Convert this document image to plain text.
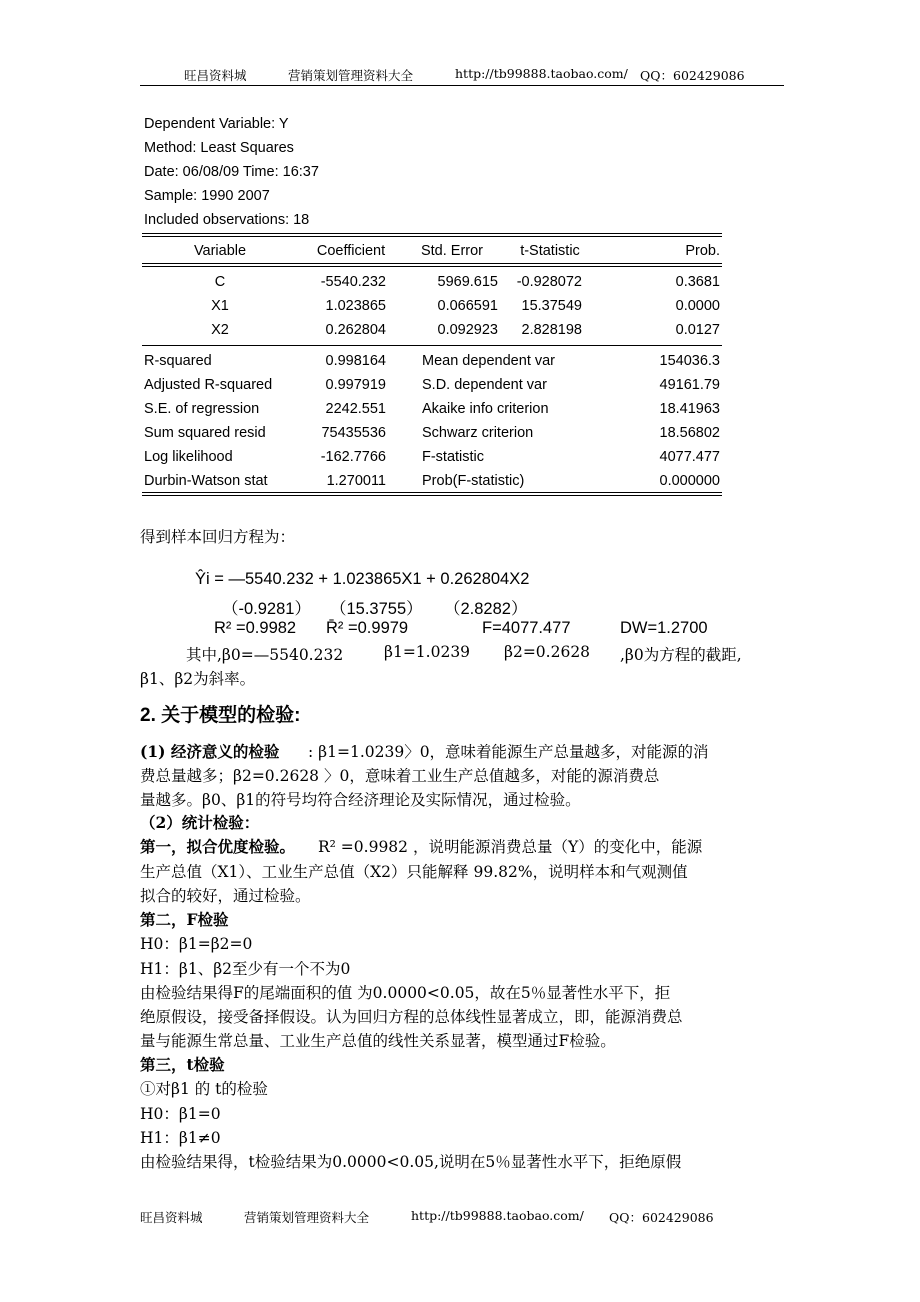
旺昌资料城	营销策划管理资料大全	http://tb99888.taobao.com/ QQ：602429086
Dependent Variable: Y
Method: Least Squares
Date: 06/08/09 Time: 16:37
Sample: 1990 2007
Included observations: 18
Variable	Coefficient	Std. Error	t-Statistic	Prob.
C	-5540.232	5969.615	-0.928072	0.3681
X1	1.023865	0.066591	15.37549	0.0000
X2	0.262804	0.092923	2.828198	0.0127
R-squared	0.998164 Mean dependent var	154036.3
Adjusted R-squared	0.997919 S.D. dependent var	49161.79
S.E. of regression	2242.551 Akaike info criterion	18.41963
Sum squared resid	75435536 Schwarz criterion	18.56802
Log likelihood	-162.7766 F-statistic	4077.477
Durbin-Watson stat	1.270011 Prob(F-statistic)	0.000000
得到样本回归方程为：
Ŷi = —5540.232 + 1.023865X1 + 0.262804X2
（-0.9281） （15.3755） （2.8282）
R² =0.9982 R̄² =0.9979	F=4077.477	DW=1.2700
其中,β0=—5540.232	β1=1.0239 β2=0.2628 ,β0为方程的截距,
β1、β2为斜率。
2. 关于模型的检验:
(1) 经济意义的检验 : β1=1.0239〉0，意味着能源生产总量越多，对能源的消
费总量越多；β2=0.2628 〉0，意味着工业生产总值越多，对能的源消费总
量越多。β0、β1的符号均符合经济理论及实际情况，通过检验。
（2）统计检验：
第一，拟合优度检验。 R² =0.9982 ，说明能源消费总量（Y）的变化中，能源
生产总值（X1）、工业生产总值（X2）只能解释 99.82%，说明样本和气观测值
拟合的较好，通过检验。
第二，F检验
H0：β1=β2=0
H1：β1、β2至少有一个不为0
由检验结果得F的尾端面积的值 为0.0000<0.05，故在5％显著性水平下，拒
绝原假设，接受备择假设。认为回归方程的总体线性显著成立，即，能源消费总
量与能源生常总量、工业生产总值的线性关系显著，模型通过F检验。
第三，t检验
①对β1 的 t的检验
H0：β1=0
H1：β1≠0
由检验结果得，t检验结果为0.0000<0.05,说明在5％显著性水平下，拒绝原假
旺昌资料城	营销策划管理资料大全	http://tb99888.taobao.com/ QQ：602429086
